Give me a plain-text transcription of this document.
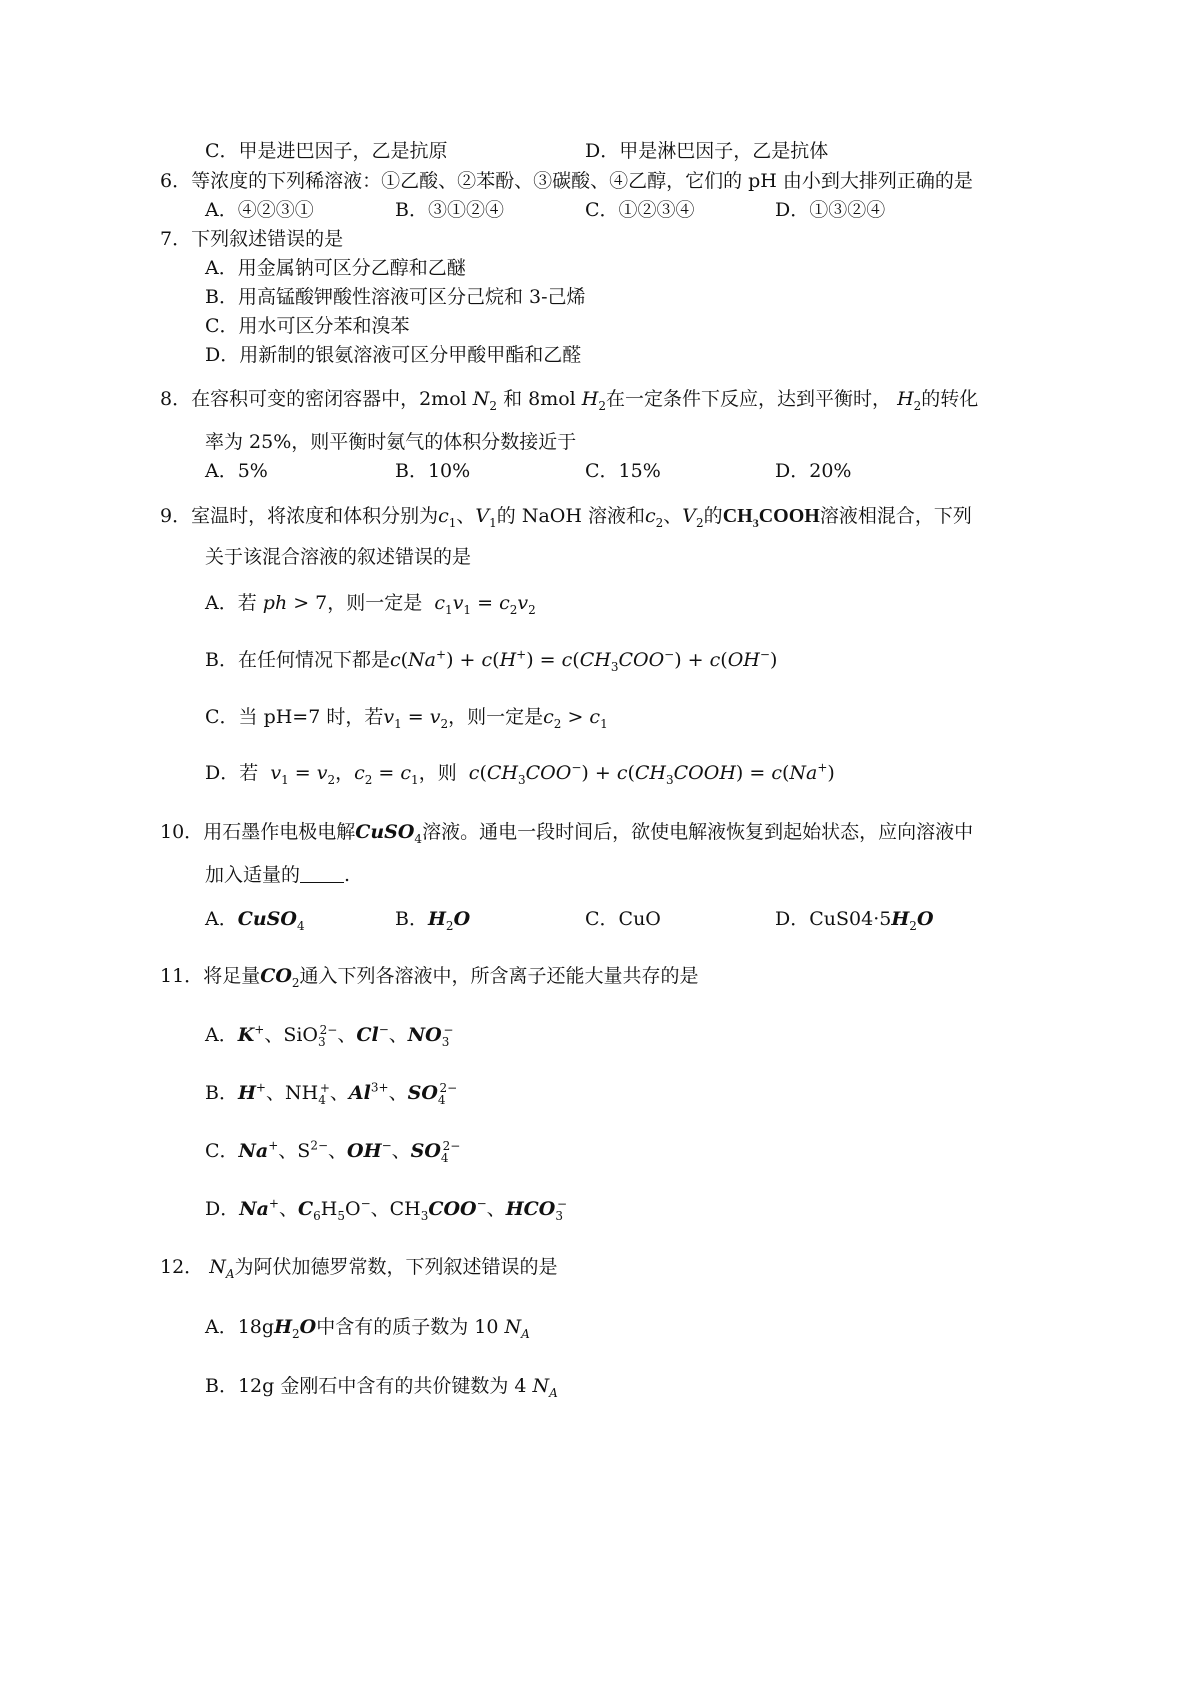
C．甲是进巴因子，乙是抗原	D．甲是淋巴因子，乙是抗体
6．等浓度的下列稀溶液：①乙酸、②苯酚、③碳酸、④乙醇，它们的 pH 由小到大排列正确的是
A．④②③①	B．③①②④	C．①②③④	D．①③②④
7．下列叙述错误的是
A．用金属钠可区分乙醇和乙醚
B．用高锰酸钾酸性溶液可区分己烷和 3-己烯
C．用水可区分苯和溴苯
D．用新制的银氨溶液可区分甲酸甲酯和乙醛
8．在容积可变的密闭容器中，2mol $N_2$ 和 8mol $H_2$在一定条件下反应，达到平衡时， $H_2$的转化
率为 25%，则平衡时氨气的体积分数接近于
A．5%	B．10%	C．15%	D．20%
9．室温时，将浓度和体积分别为$c_1$、$V_1$的 NaOH 溶液和$c_2$、$V_2$的$CH_3COOH$溶液相混合，下列
关于该混合溶液的叙述错误的是
A．若 ph > 7，则一定是 $c_1v_1 = c_2v_2$
B．在任何情况下都是$c(Na^+) + c(H^+) = c(CH_3COO^-) + c(OH^-)$
C．当 pH=7 时，若$v_1 = v_2$，则一定是$c_2 > c_1$
D．若 $v_1 = v_2$，$c_2 = c_1$，则 $c(CH_3COO^-)$ + $c(CH_3COOH) = c(Na^+)$
10．用石墨作电极电解CuSO$_4$溶液。通电一段时间后，欲使电解液恢复到起始状态，应向溶液中
加入适量的 .
A．CuSO$_4$	B．$H_2O$	C．CuO	D．$CuS04\cdot 5H_2O$
11．将足量$CO_2$通入下列各溶液中，所含离子还能大量共存的是
A．K+、SiO$_3^{2-}$、Cl−、$NO_3^-$
B．H+、$NH_4^+$、$Al^{3+}$、$SO_4^{2-}$
C．Na+、$S^{2-}$、OH−、$SO_4^{2-}$
D．Na+、$C_6H_5O^-$、$CH_3COO^-$、$HCO_3^-$
12． $N_A$为阿伏加德罗常数，下列叙述错误的是
A．$18gH_2O$中含有的质子数为 10 $N_A$
B．12g 金刚石中含有的共价键数为 4 $N_A$
